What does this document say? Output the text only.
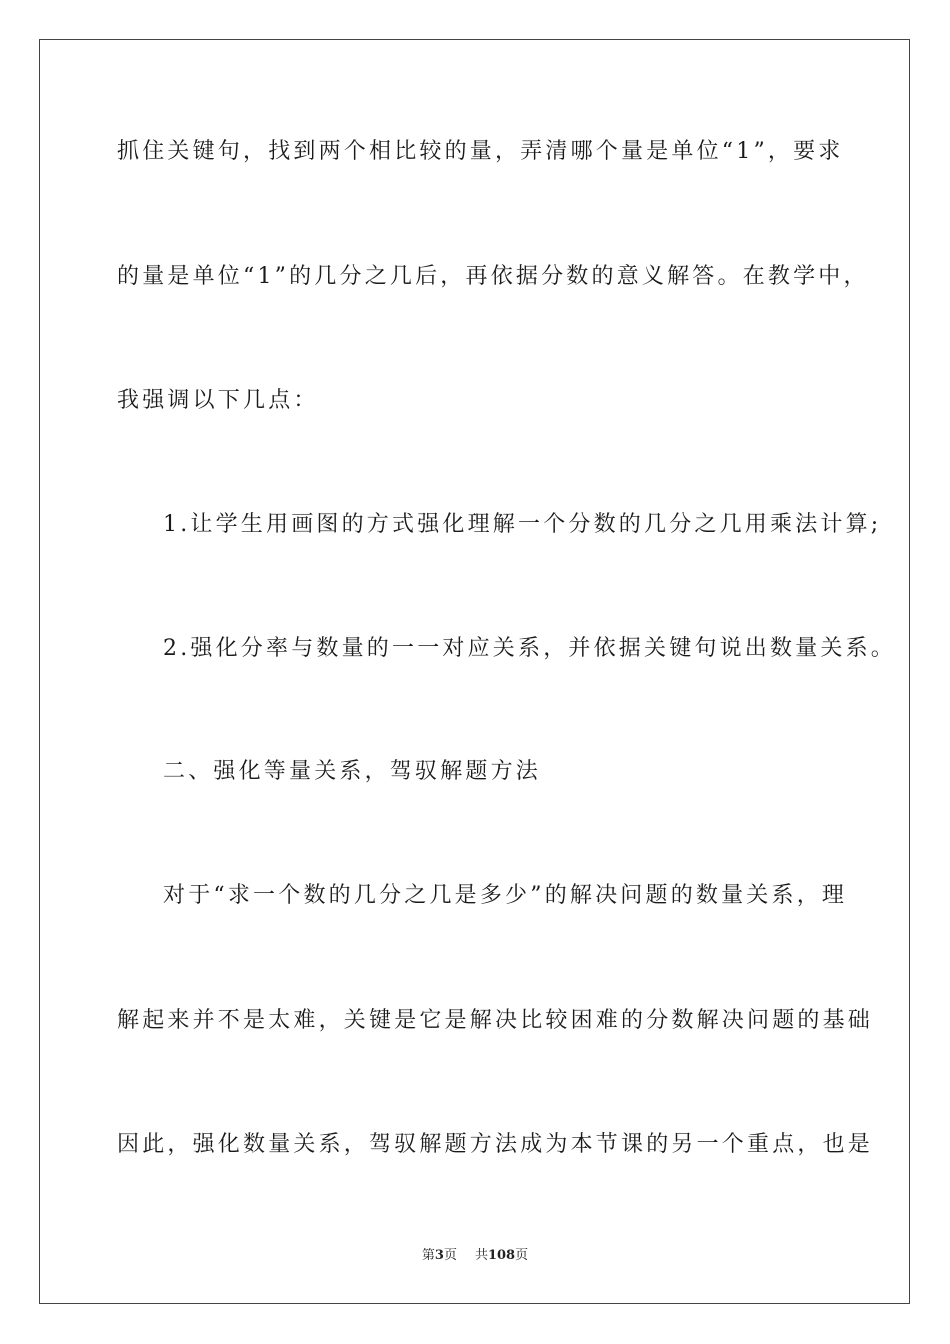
抓住关键句，找到两个相比较的量，弄清哪个量是单位“1”，要求
的量是单位“1”的几分之几后，再依据分数的意义解答。在教学中，
我强调以下几点：
1.让学生用画图的方式强化理解一个分数的几分之几用乘法计算;
2.强化分率与数量的一一对应关系，并依据关键句说出数量关系。
二、强化等量关系，驾驭解题方法
对于“求一个数的几分之几是多少”的解决问题的数量关系，理
解起来并不是太难，关键是它是解决比较困难的分数解决问题的基础
因此，强化数量关系，驾驭解题方法成为本节课的另一个重点，也是
第3页 共108页
